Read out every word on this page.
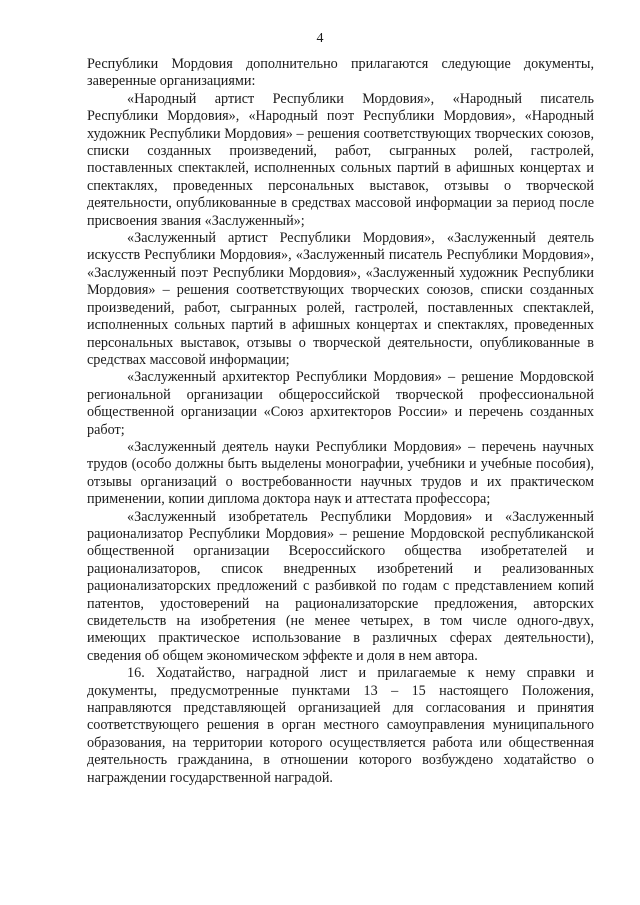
4

Республики Мордовия дополнительно прилагаются следующие документы, заверенные организациями:

«Народный артист Республики Мордовия», «Народный писатель Республики Мордовия», «Народный поэт Республики Мордовия», «Народный художник Республики Мордовия» – решения соответствующих творческих союзов, списки созданных произведений, работ, сыгранных ролей, гастролей, поставленных спектаклей, исполненных сольных партий в афишных концертах и спектаклях, проведенных персональных выставок, отзывы о творческой деятельности, опубликованные в средствах массовой информации за период после присвоения звания «Заслуженный»;

«Заслуженный артист Республики Мордовия», «Заслуженный деятель искусств Республики Мордовия», «Заслуженный писатель Республики Мордовия», «Заслуженный поэт Республики Мордовия», «Заслуженный художник Республики Мордовия» – решения соответствующих творческих союзов, списки созданных произведений, работ, сыгранных ролей, гастролей, поставленных спектаклей, исполненных сольных партий в афишных концертах и спектаклях, проведенных персональных выставок, отзывы о творческой деятельности, опубликованные в средствах массовой информации;

«Заслуженный архитектор Республики Мордовия» – решение Мордовской региональной организации общероссийской творческой профессиональной общественной организации «Союз архитекторов России» и перечень созданных работ;

«Заслуженный деятель науки Республики Мордовия» – перечень научных трудов (особо должны быть выделены монографии, учебники и учебные пособия), отзывы организаций о востребованности научных трудов и их практическом применении, копии диплома доктора наук и аттестата профессора;

«Заслуженный изобретатель Республики Мордовия» и «Заслуженный рационализатор Республики Мордовия» – решение Мордовской республиканской общественной организации Всероссийского общества изобретателей и рационализаторов, список внедренных изобретений и реализованных рационализаторских предложений с разбивкой по годам с представлением копий патентов, удостоверений на рационализаторские предложения, авторских свидетельств на изобретения (не менее четырех, в том числе одного-двух, имеющих практическое использование в различных сферах деятельности), сведения об общем экономическом эффекте и доля в нем автора.

16. Ходатайство, наградной лист и прилагаемые к нему справки и документы, предусмотренные пунктами 13 – 15 настоящего Положения, направляются представляющей организацией для согласования и принятия соответствующего решения в орган местного самоуправления муниципального образования, на территории которого осуществляется работа или общественная деятельность гражданина, в отношении которого возбуждено ходатайство о награждении государственной наградой.
